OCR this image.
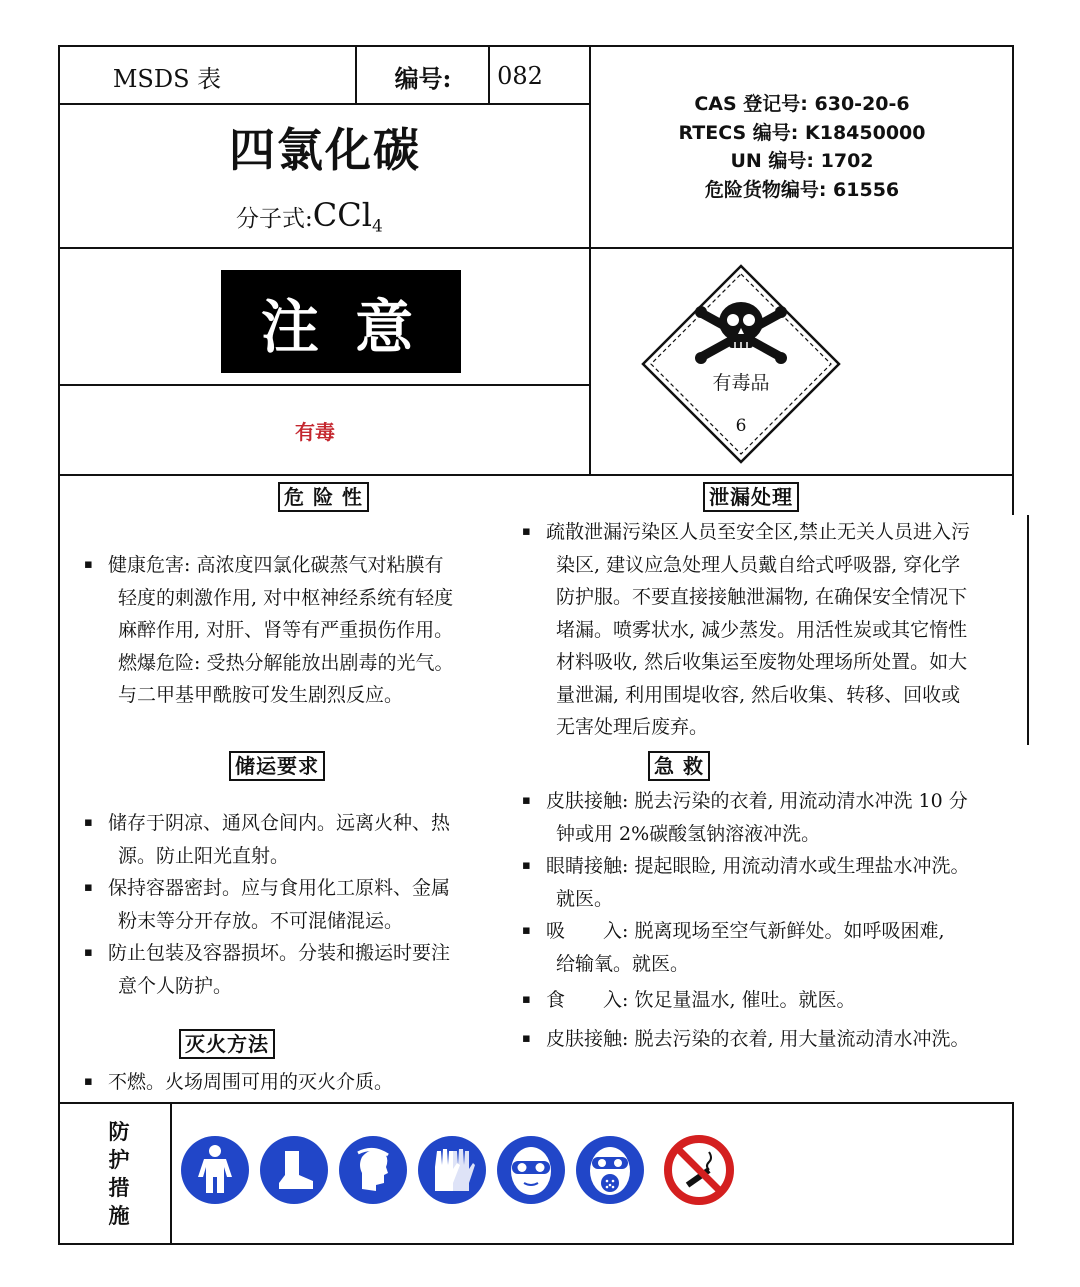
MSDS 表	编号:	082
四氯化碳
分子式:CCl$_4$
CAS 登记号: 630-20-6
RTECS 编号: K18450000
UN 编号: 1702
危险货物编号: 61556
注 意
有毒
有毒品
6
危 险 性
▪ 健康危害: 高浓度四氯化碳蒸气对粘膜有
轻度的刺激作用, 对中枢神经系统有轻度
麻醉作用, 对肝、肾等有严重损伤作用。
燃爆危险: 受热分解能放出剧毒的光气。
与二甲基甲酰胺可发生剧烈反应。
储运要求
▪ 储存于阴凉、通风仓间内。远离火种、热
源。防止阳光直射。
▪ 保持容器密封。应与食用化工原料、金属
粉末等分开存放。不可混储混运。
▪ 防止包装及容器损坏。分装和搬运时要注
意个人防护。
灭火方法
▪ 不燃。火场周围可用的灭火介质。
泄漏处理
▪ 疏散泄漏污染区人员至安全区,禁止无关人员进入污
染区, 建议应急处理人员戴自给式呼吸器, 穿化学
防护服。不要直接接触泄漏物, 在确保安全情况下
堵漏。喷雾状水, 减少蒸发。用活性炭或其它惰性
材料吸收, 然后收集运至废物处理场所处置。如大
量泄漏, 利用围堤收容, 然后收集、转移、回收或
无害处理后废弃。
急 救
▪ 皮肤接触: 脱去污染的衣着, 用流动清水冲洗 10 分
钟或用 2%碳酸氢钠溶液冲洗。
▪ 眼睛接触: 提起眼睑, 用流动清水或生理盐水冲洗。
就医。
▪ 吸　　入: 脱离现场至空气新鲜处。如呼吸困难,
给输氧。就医。
▪ 食　　入: 饮足量温水, 催吐。就医。
▪ 皮肤接触: 脱去污染的衣着, 用大量流动清水冲洗。
防
护
措
施
